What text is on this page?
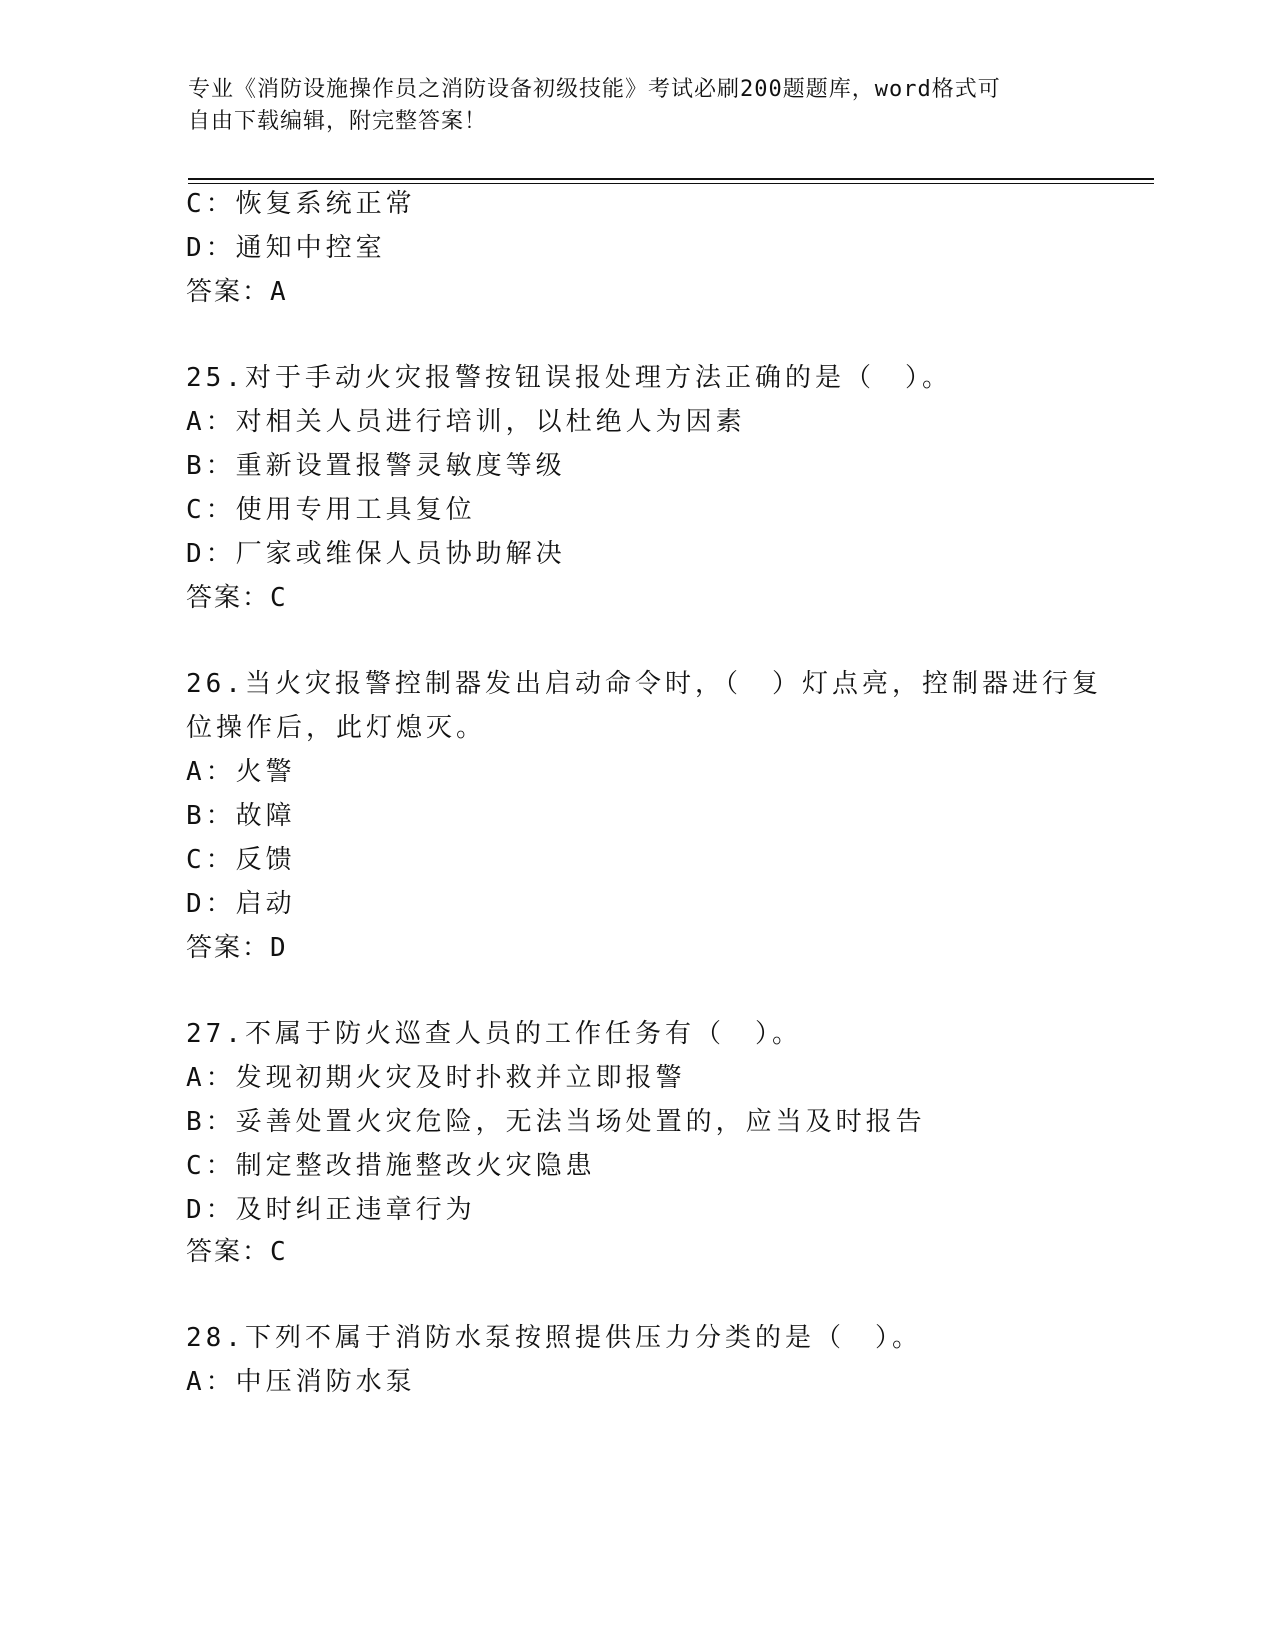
专业《消防设施操作员之消防设备初级技能》考试必刷200题题库，word格式可
自由下载编辑，附完整答案！
C：恢复系统正常
D：通知中控室
答案：A
25.对于手动火灾报警按钮误报处理方法正确的是（　）。
A：对相关人员进行培训，以杜绝人为因素
B：重新设置报警灵敏度等级
C：使用专用工具复位
D：厂家或维保人员协助解决
答案：C
26.当火灾报警控制器发出启动命令时，（　）灯点亮，控制器进行复
位操作后，此灯熄灭。
A：火警
B：故障
C：反馈
D：启动
答案：D
27.不属于防火巡查人员的工作任务有（　）。
A：发现初期火灾及时扑救并立即报警
B：妥善处置火灾危险，无法当场处置的，应当及时报告
C：制定整改措施整改火灾隐患
D：及时纠正违章行为
答案：C
28.下列不属于消防水泵按照提供压力分类的是（　）。
A：中压消防水泵
